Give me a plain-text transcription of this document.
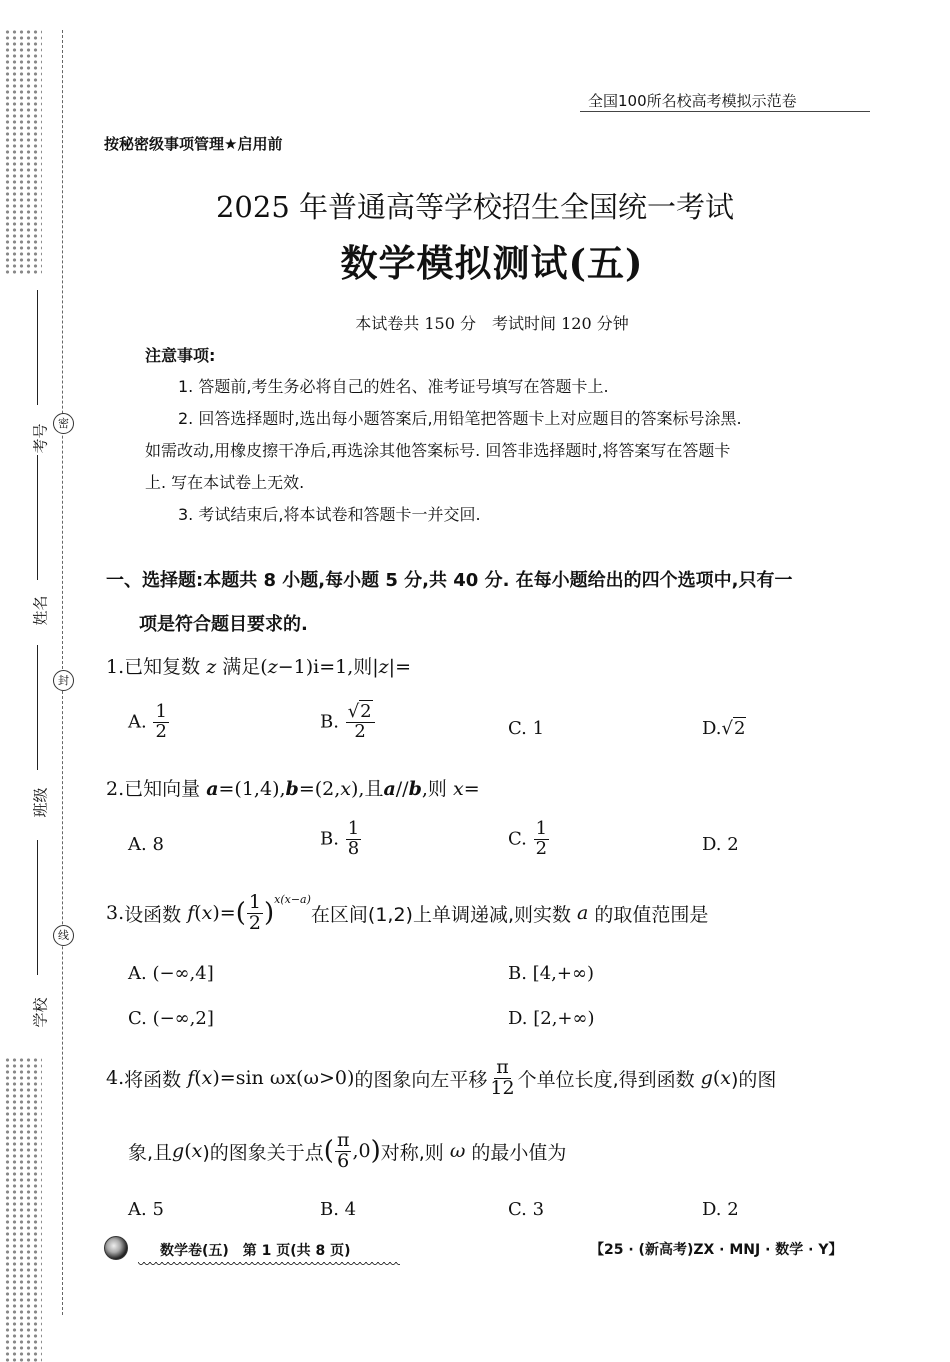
密
封
线
考号
姓名
班级
学校
全国100所名校高考模拟示范卷
按秘密级事项管理★启用前
2025 年普通高等学校招生全国统一考试
数学模拟测试(五)
本试卷共 150 分　考试时间 120 分钟
注意事项:
1. 答题前,考生务必将自己的姓名、准考证号填写在答题卡上.
2. 回答选择题时,选出每小题答案后,用铅笔把答题卡上对应题目的答案标号涂黑.
如需改动,用橡皮擦干净后,再选涂其他答案标号. 回答非选择题时,将答案写在答题卡
上. 写在本试卷上无效.
3. 考试结束后,将本试卷和答题卡一并交回.
一、选择题:本题共 8 小题,每小题 5 分,共 40 分. 在每小题给出的四个选项中,只有一
项是符合题目要求的.
1.已知复数 z 满足(z−1)i=1,则|z|=
A. $\frac{1}{2}$	B. $\frac{√2}{2}$	C. 1	D.√2
2.已知向量 a=(1,4),b=(2,x),且a//b,则 x=
A. 8	B. $\frac{1}{8}$	C. $\frac{1}{2}$	D. 2
3. 设函数
f ( x )= ( $\frac{1}{2} )^{x(x-a)}$
在区间(1,2)上单调递减,则实数
a
的取值范围是
A. (−∞,4]	B. [4,+∞)
C. (−∞,2]	D. [2,+∞)
4. 将函数
f ( x )=sin
ωx(ω>0) 的图象向左平移 $\frac{\pi}{12}$ 个单位长度,得到函数
g ( x )的图
象,且 g ( x )的图象关于点 ( $\frac{\pi}{6} ,0$ ) 对称,则
ω
的最小值为
A. 5	B. 4	C. 3	D. 2
数学卷(五)　第 1 页(共 8 页)	【25 · (新高考)ZX · MNJ · 数学 · Y】
